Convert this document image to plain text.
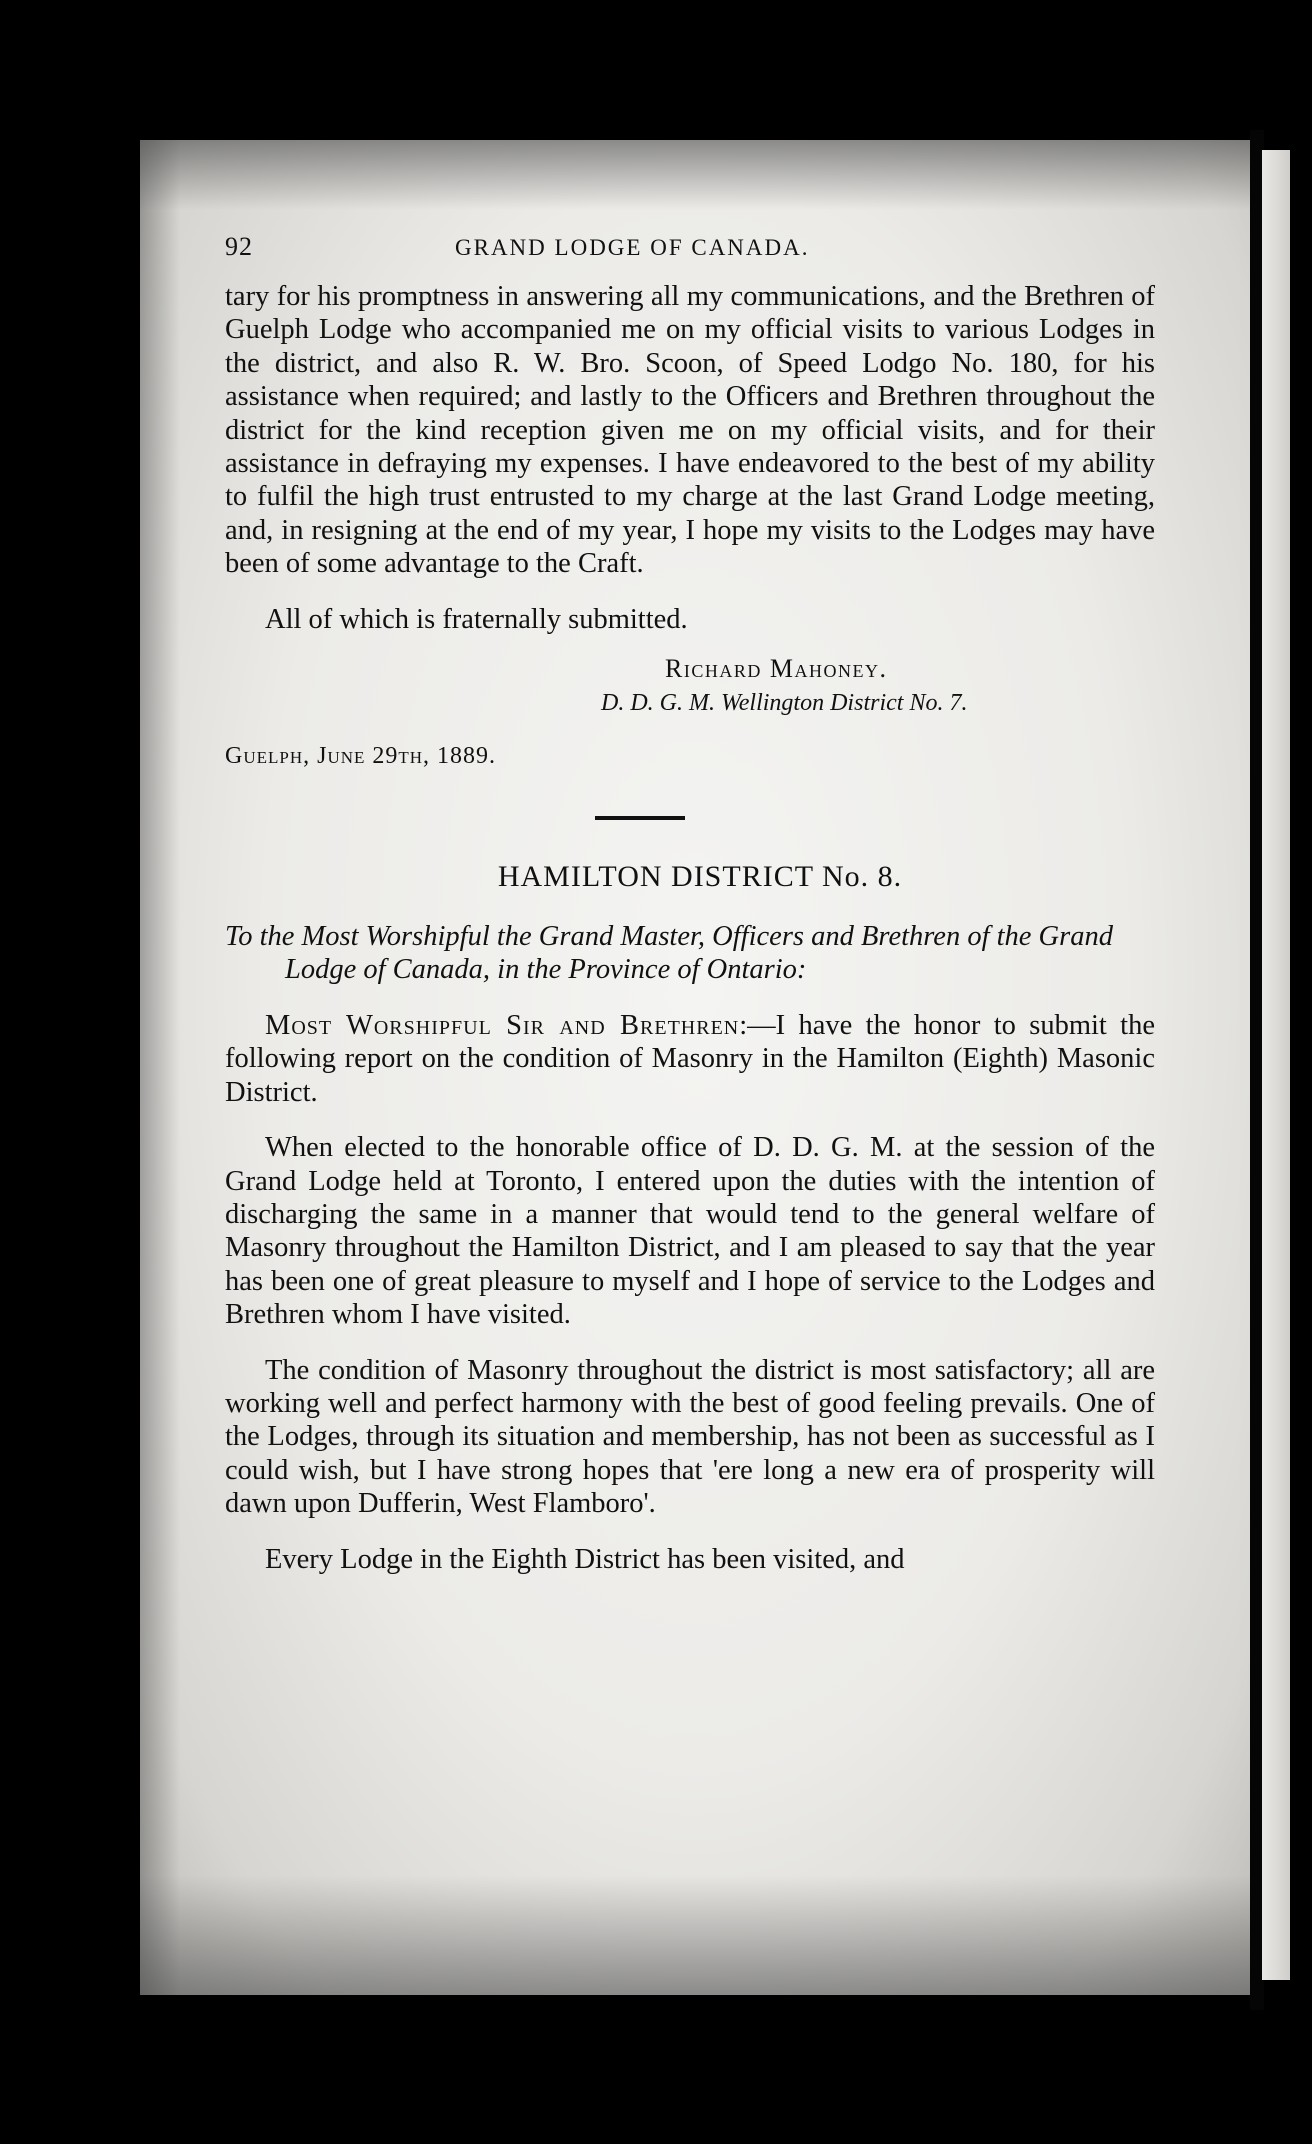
92	GRAND LODGE OF CANADA.

tary for his promptness in answering all my communications, and the Brethren of Guelph Lodge who accompanied me on my official visits to various Lodges in the district, and also R. W. Bro. Scoon, of Speed Lodgo No. 180, for his assistance when required; and lastly to the Officers and Brethren throughout the district for the kind reception given me on my official visits, and for their assistance in defraying my expenses. I have endeavored to the best of my ability to fulfil the high trust entrusted to my charge at the last Grand Lodge meeting, and, in resigning at the end of my year, I hope my visits to the Lodges may have been of some advantage to the Craft.

All of which is fraternally submitted.

Richard Mahoney.
D. D. G. M. Wellington District No. 7.
Guelph, June 29th, 1889.
HAMILTON DISTRICT No. 8.
To the Most Worshipful the Grand Master, Officers and Brethren of the Grand Lodge of Canada, in the Province of Ontario:

Most Worshipful Sir and Brethren:—I have the honor to submit the following report on the condition of Masonry in the Hamilton (Eighth) Masonic District.

When elected to the honorable office of D. D. G. M. at the session of the Grand Lodge held at Toronto, I entered upon the duties with the intention of discharging the same in a manner that would tend to the general welfare of Masonry throughout the Hamilton District, and I am pleased to say that the year has been one of great pleasure to myself and I hope of service to the Lodges and Brethren whom I have visited.

The condition of Masonry throughout the district is most satisfactory; all are working well and perfect harmony with the best of good feeling prevails. One of the Lodges, through its situation and membership, has not been as successful as I could wish, but I have strong hopes that 'ere long a new era of prosperity will dawn upon Dufferin, West Flamboro'.

Every Lodge in the Eighth District has been visited, and
